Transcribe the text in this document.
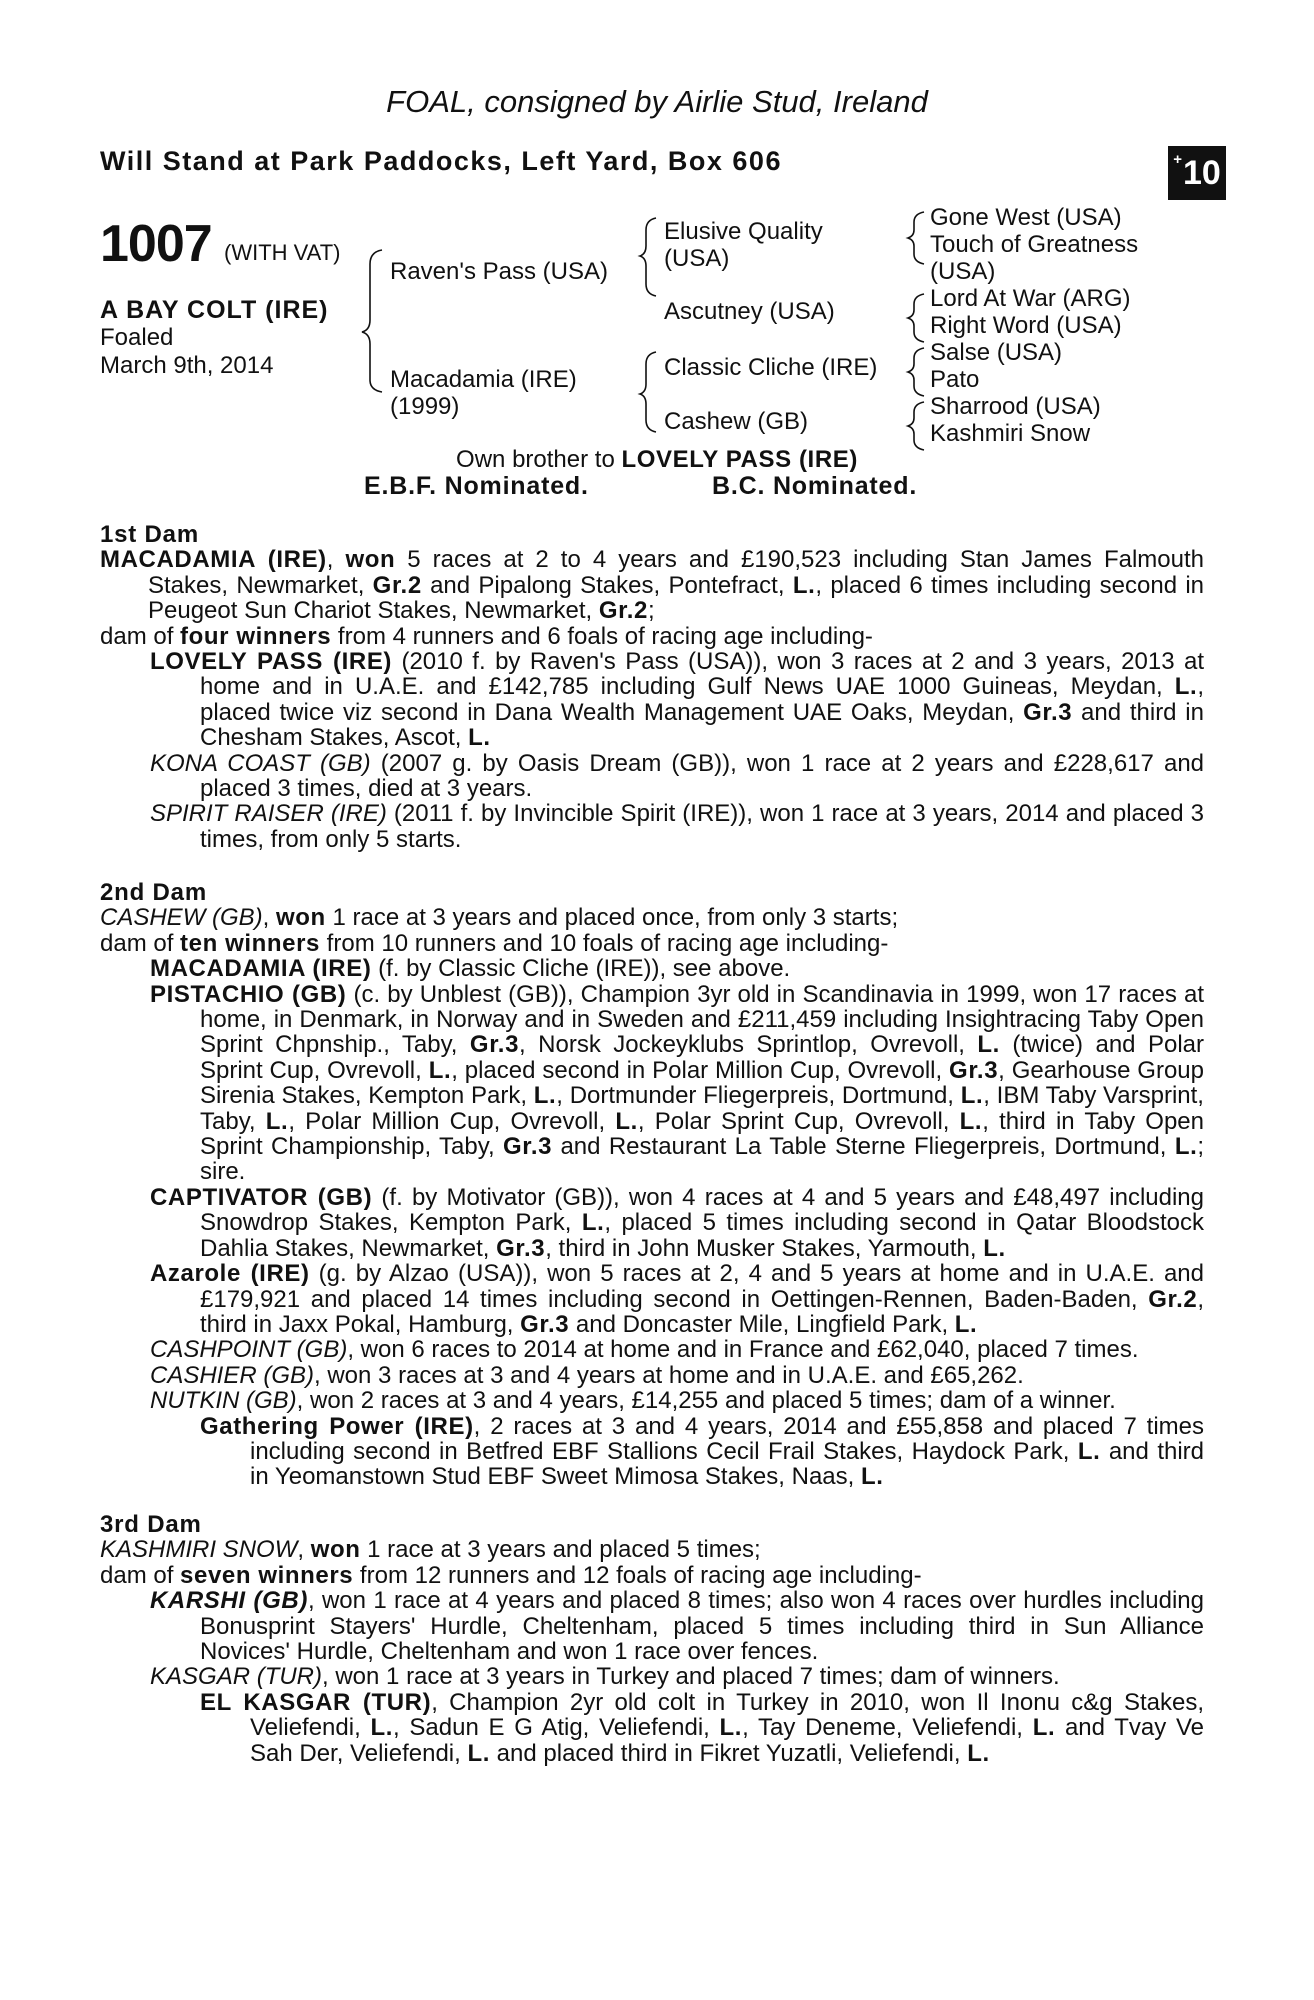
FOAL, consigned by Airlie Stud, Ireland
Will Stand at Park Paddocks, Left Yard, Box 606	+ 10
1007 (WITH VAT)
A BAY COLT (IRE)
Foaled
March 9th, 2014
Raven's Pass (USA)
Macadamia (IRE)
(1999)
Elusive Quality
(USA)
Ascutney (USA)
Classic Cliche (IRE)
Cashew (GB)
Gone West (USA)
Touch of Greatness
(USA)
Lord At War (ARG)
Right Word (USA)
Salse (USA)
Pato
Sharrood (USA)
Kashmiri Snow
Own brother to LOVELY PASS (IRE)
E.B.F. Nominated.	B.C. Nominated.
1st Dam
MACADAMIA (IRE), won 5 races at 2 to 4 years and £190,523 including Stan James Falmouth Stakes, Newmarket, Gr.2 and Pipalong Stakes, Pontefract, L., placed 6 times including second in Peugeot Sun Chariot Stakes, Newmarket, Gr.2;
dam of four winners from 4 runners and 6 foals of racing age including-
LOVELY PASS (IRE) (2010 f. by Raven's Pass (USA)), won 3 races at 2 and 3 years, 2013 at home and in U.A.E. and £142,785 including Gulf News UAE 1000 Guineas, Meydan, L., placed twice viz second in Dana Wealth Management UAE Oaks, Meydan, Gr.3 and third in Chesham Stakes, Ascot, L.
KONA COAST (GB) (2007 g. by Oasis Dream (GB)), won 1 race at 2 years and £228,617 and placed 3 times, died at 3 years.
SPIRIT RAISER (IRE) (2011 f. by Invincible Spirit (IRE)), won 1 race at 3 years, 2014 and placed 3 times, from only 5 starts.
2nd Dam
CASHEW (GB), won 1 race at 3 years and placed once, from only 3 starts;
dam of ten winners from 10 runners and 10 foals of racing age including-
MACADAMIA (IRE) (f. by Classic Cliche (IRE)), see above.
PISTACHIO (GB) (c. by Unblest (GB)), Champion 3yr old in Scandinavia in 1999, won 17 races at home, in Denmark, in Norway and in Sweden and £211,459 including Insightracing Taby Open Sprint Chpnship., Taby, Gr.3, Norsk Jockeyklubs Sprintlop, Ovrevoll, L. (twice) and Polar Sprint Cup, Ovrevoll, L., placed second in Polar Million Cup, Ovrevoll, Gr.3, Gearhouse Group Sirenia Stakes, Kempton Park, L., Dortmunder Fliegerpreis, Dortmund, L., IBM Taby Varsprint, Taby, L., Polar Million Cup, Ovrevoll, L., Polar Sprint Cup, Ovrevoll, L., third in Taby Open Sprint Championship, Taby, Gr.3 and Restaurant La Table Sterne Fliegerpreis, Dortmund, L.; sire.
CAPTIVATOR (GB) (f. by Motivator (GB)), won 4 races at 4 and 5 years and £48,497 including Snowdrop Stakes, Kempton Park, L., placed 5 times including second in Qatar Bloodstock Dahlia Stakes, Newmarket, Gr.3, third in John Musker Stakes, Yarmouth, L.
Azarole (IRE) (g. by Alzao (USA)), won 5 races at 2, 4 and 5 years at home and in U.A.E. and £179,921 and placed 14 times including second in Oettingen-Rennen, Baden-Baden, Gr.2, third in Jaxx Pokal, Hamburg, Gr.3 and Doncaster Mile, Lingfield Park, L.
CASHPOINT (GB), won 6 races to 2014 at home and in France and £62,040, placed 7 times.
CASHIER (GB), won 3 races at 3 and 4 years at home and in U.A.E. and £65,262.
NUTKIN (GB), won 2 races at 3 and 4 years, £14,255 and placed 5 times; dam of a winner.
Gathering Power (IRE), 2 races at 3 and 4 years, 2014 and £55,858 and placed 7 times including second in Betfred EBF Stallions Cecil Frail Stakes, Haydock Park, L. and third in Yeomanstown Stud EBF Sweet Mimosa Stakes, Naas, L.
3rd Dam
KASHMIRI SNOW, won 1 race at 3 years and placed 5 times;
dam of seven winners from 12 runners and 12 foals of racing age including-
KARSHI (GB), won 1 race at 4 years and placed 8 times; also won 4 races over hurdles including Bonusprint Stayers' Hurdle, Cheltenham, placed 5 times including third in Sun Alliance Novices' Hurdle, Cheltenham and won 1 race over fences.
KASGAR (TUR), won 1 race at 3 years in Turkey and placed 7 times; dam of winners.
EL KASGAR (TUR), Champion 2yr old colt in Turkey in 2010, won Il Inonu c&g Stakes, Veliefendi, L., Sadun E G Atig, Veliefendi, L., Tay Deneme, Veliefendi, L. and Tvay Ve Sah Der, Veliefendi, L. and placed third in Fikret Yuzatli, Veliefendi, L.
